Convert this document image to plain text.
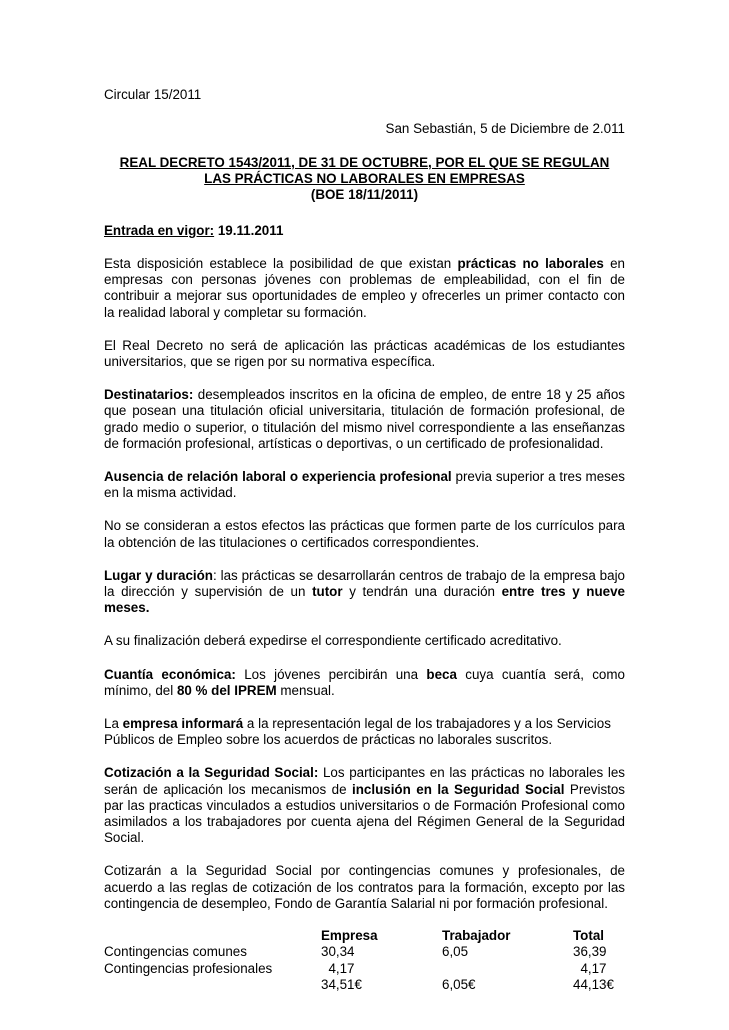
Circular 15/2011

San Sebastián, 5 de Diciembre de 2.011

REAL DECRETO 1543/2011, DE 31 DE OCTUBRE, POR EL QUE SE REGULAN
LAS PRÁCTICAS NO LABORALES EN EMPRESAS
(BOE 18/11/2011)

Entrada en vigor: 19.11.2011

Esta disposición establece la posibilidad de que existan prácticas no laborales en empresas con personas jóvenes con problemas de empleabilidad, con el fin de contribuir a mejorar sus oportunidades de empleo y ofrecerles un primer contacto con la realidad laboral y completar su formación.

El Real Decreto no será de aplicación las prácticas académicas de los estudiantes universitarios, que se rigen por su normativa específica.

Destinatarios: desempleados inscritos en la oficina de empleo, de entre 18 y 25 años que posean una titulación oficial universitaria, titulación de formación profesional, de grado medio o superior, o titulación del mismo nivel correspondiente a las enseñanzas de formación profesional, artísticas o deportivas, o un certificado de profesionalidad.

Ausencia de relación laboral o experiencia profesional previa superior a tres meses en la misma actividad.

No se consideran a estos efectos las prácticas que formen parte de los currículos para la obtención de las titulaciones o certificados correspondientes.

Lugar y duración: las prácticas se desarrollarán centros de trabajo de la empresa bajo la dirección y supervisión de un tutor y tendrán una duración entre tres y nueve meses.

A su finalización deberá expedirse el correspondiente certificado acreditativo.

Cuantía económica: Los jóvenes percibirán una beca cuya cuantía será, como mínimo, del 80 % del IPREM mensual.

La empresa informará a la representación legal de los trabajadores y a los Servicios Públicos de Empleo sobre los acuerdos de prácticas no laborales suscritos.

Cotización a la Seguridad Social: Los participantes en las prácticas no laborales les serán de aplicación los mecanismos de inclusión en la Seguridad Social Previstos par las practicas vinculados a estudios universitarios o de Formación Profesional como asimilados a los trabajadores por cuenta ajena del Régimen General de la Seguridad Social.

Cotizarán a la Seguridad Social por contingencias comunes y profesionales, de acuerdo a las reglas de cotización de los contratos para la formación, excepto por las contingencia de desempleo, Fondo de Garantía Salarial ni por formación profesional.

	Empresa	Trabajador	Total
Contingencias comunes	30,34	6,05	36,39
Contingencias profesionales	4,17		4,17
	34,51€	6,05€	44,13€
